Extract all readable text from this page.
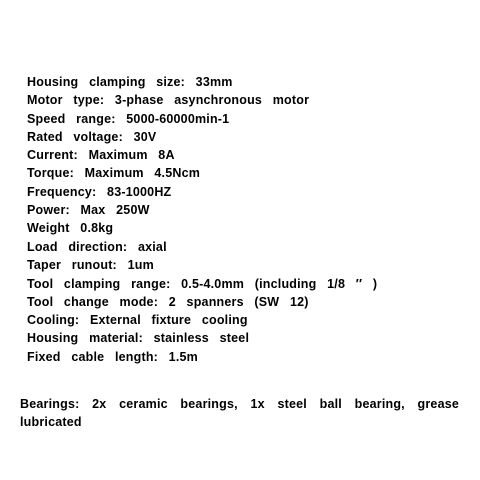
Housing clamping size: 33mm
Motor type: 3-phase asynchronous motor
Speed range: 5000-60000min-1
Rated voltage: 30V
Current: Maximum 8A
Torque: Maximum 4.5Ncm
Frequency: 83-1000HZ
Power: Max 250W
Weight 0.8kg
Load direction: axial
Taper runout: 1um
Tool clamping range: 0.5-4.0mm (including 1/8 ′′ )
Tool change mode: 2 spanners (SW 12)
Cooling: External fixture cooling
Housing material: stainless steel
Fixed cable length: 1.5m

Bearings: 2x ceramic bearings, 1x steel ball bearing, grease lubricated
